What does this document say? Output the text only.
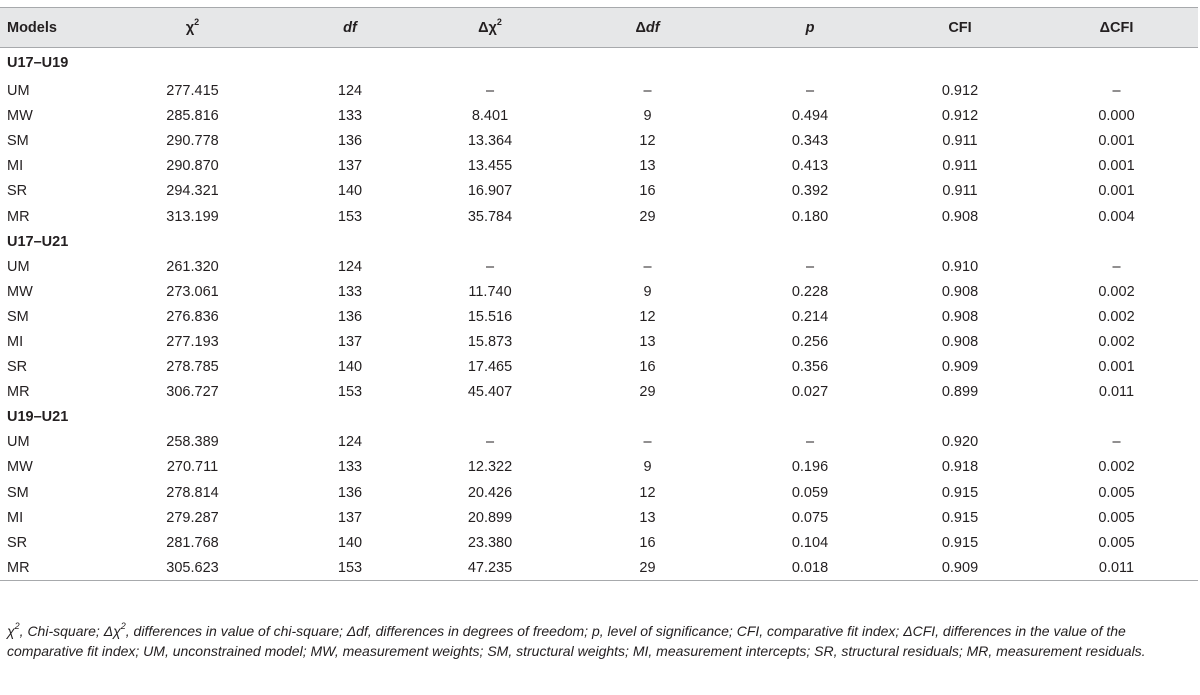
Models	$\chi^2$	df	$\Delta\chi^2$	Δdf	p	CFI	ΔCFI
U17–U19							
UM	277.415	124	–	–	–	0.912	–
MW	285.816	133	8.401	9	0.494	0.912	0.000
SM	290.778	136	13.364	12	0.343	0.911	0.001
MI	290.870	137	13.455	13	0.413	0.911	0.001
SR	294.321	140	16.907	16	0.392	0.911	0.001
MR	313.199	153	35.784	29	0.180	0.908	0.004
U17–U21							
UM	261.320	124	–	–	–	0.910	–
MW	273.061	133	11.740	9	0.228	0.908	0.002
SM	276.836	136	15.516	12	0.214	0.908	0.002
MI	277.193	137	15.873	13	0.256	0.908	0.002
SR	278.785	140	17.465	16	0.356	0.909	0.001
MR	306.727	153	45.407	29	0.027	0.899	0.011
U19–U21							
UM	258.389	124	–	–	–	0.920	–
MW	270.711	133	12.322	9	0.196	0.918	0.002
SM	278.814	136	20.426	12	0.059	0.915	0.005
MI	279.287	137	20.899	13	0.075	0.915	0.005
SR	281.768	140	23.380	16	0.104	0.915	0.005
MR	305.623	153	47.235	29	0.018	0.909	0.011
$\chi^2$, Chi-square; $\Delta\chi^2$, differences in value of chi-square; Δdf, differences in degrees of freedom; p, level of significance; CFI, comparative fit index; ΔCFI, differences in the value of the comparative fit index; UM, unconstrained model; MW, measurement weights; SM, structural weights; MI, measurement intercepts; SR, structural residuals; MR, measurement residuals.
